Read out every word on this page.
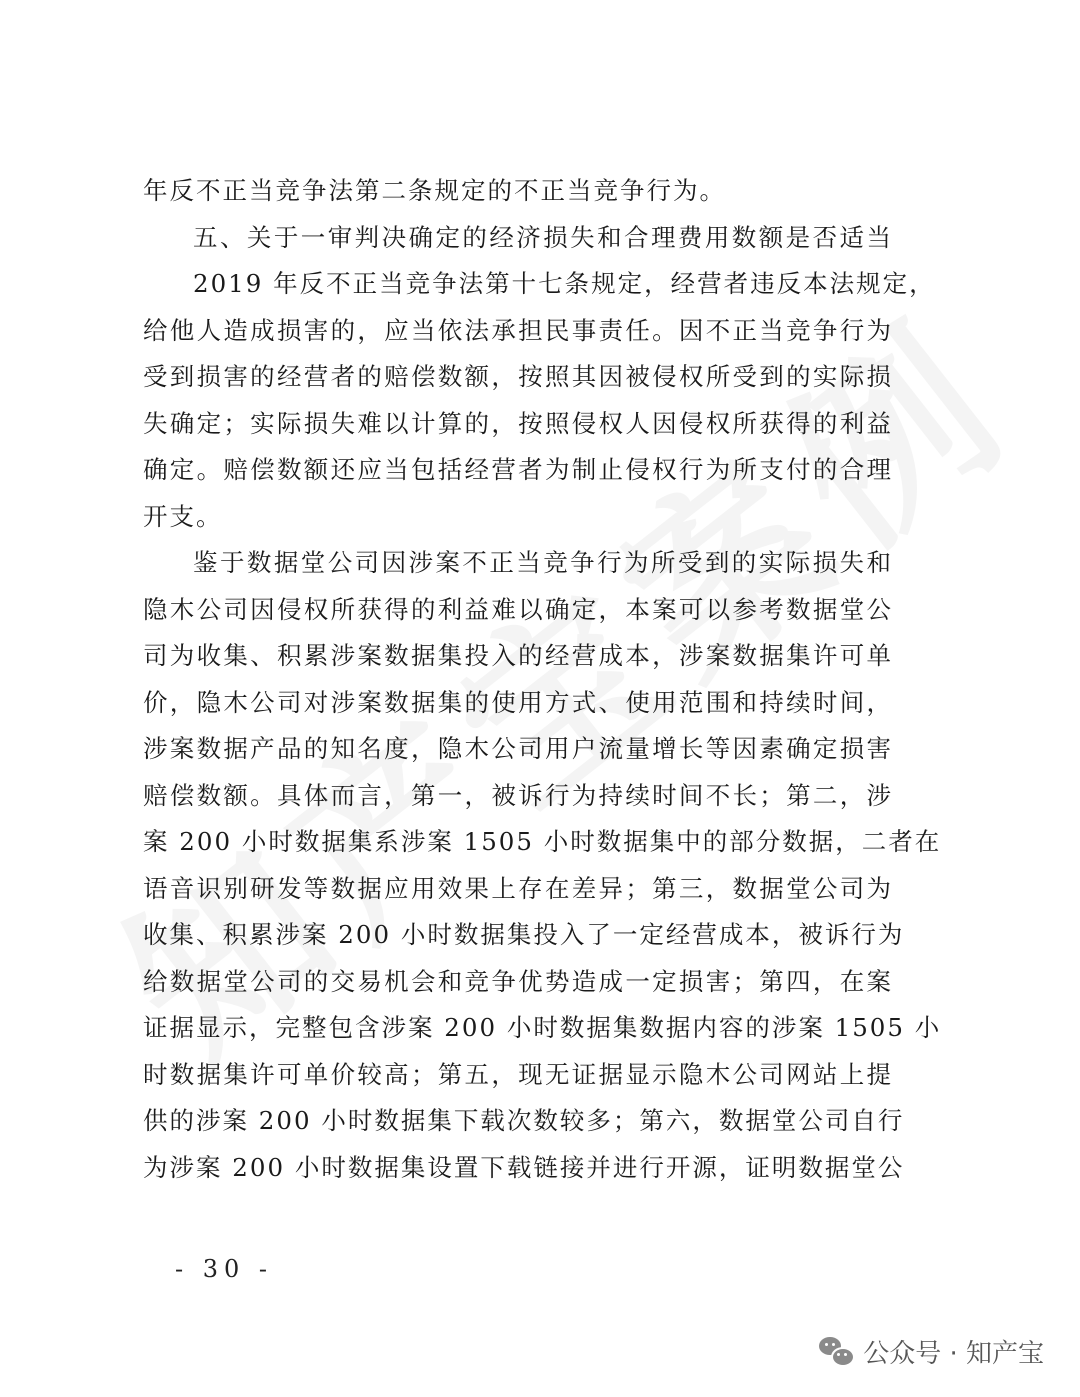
年反不正当竞争法第二条规定的不正当竞争行为。
五、关于一审判决确定的经济损失和合理费用数额是否适当
2019 年反不正当竞争法第十七条规定，经营者违反本法规定，
给他人造成损害的，应当依法承担民事责任。因不正当竞争行为
受到损害的经营者的赔偿数额，按照其因被侵权所受到的实际损
失确定；实际损失难以计算的，按照侵权人因侵权所获得的利益
确定。赔偿数额还应当包括经营者为制止侵权行为所支付的合理
开支。
鉴于数据堂公司因涉案不正当竞争行为所受到的实际损失和
隐木公司因侵权所获得的利益难以确定，本案可以参考数据堂公
司为收集、积累涉案数据集投入的经营成本，涉案数据集许可单
价，隐木公司对涉案数据集的使用方式、使用范围和持续时间，
涉案数据产品的知名度，隐木公司用户流量增长等因素确定损害
赔偿数额。具体而言，第一，被诉行为持续时间不长；第二，涉
案 200 小时数据集系涉案 1505 小时数据集中的部分数据，二者在
语音识别研发等数据应用效果上存在差异；第三，数据堂公司为
收集、积累涉案 200 小时数据集投入了一定经营成本，被诉行为
给数据堂公司的交易机会和竞争优势造成一定损害；第四，在案
证据显示，完整包含涉案 200 小时数据集数据内容的涉案 1505 小
时数据集许可单价较高；第五，现无证据显示隐木公司网站上提
供的涉案 200 小时数据集下载次数较多；第六，数据堂公司自行
为涉案 200 小时数据集设置下载链接并进行开源，证明数据堂公
- 30 -
公众号 · 知产宝
